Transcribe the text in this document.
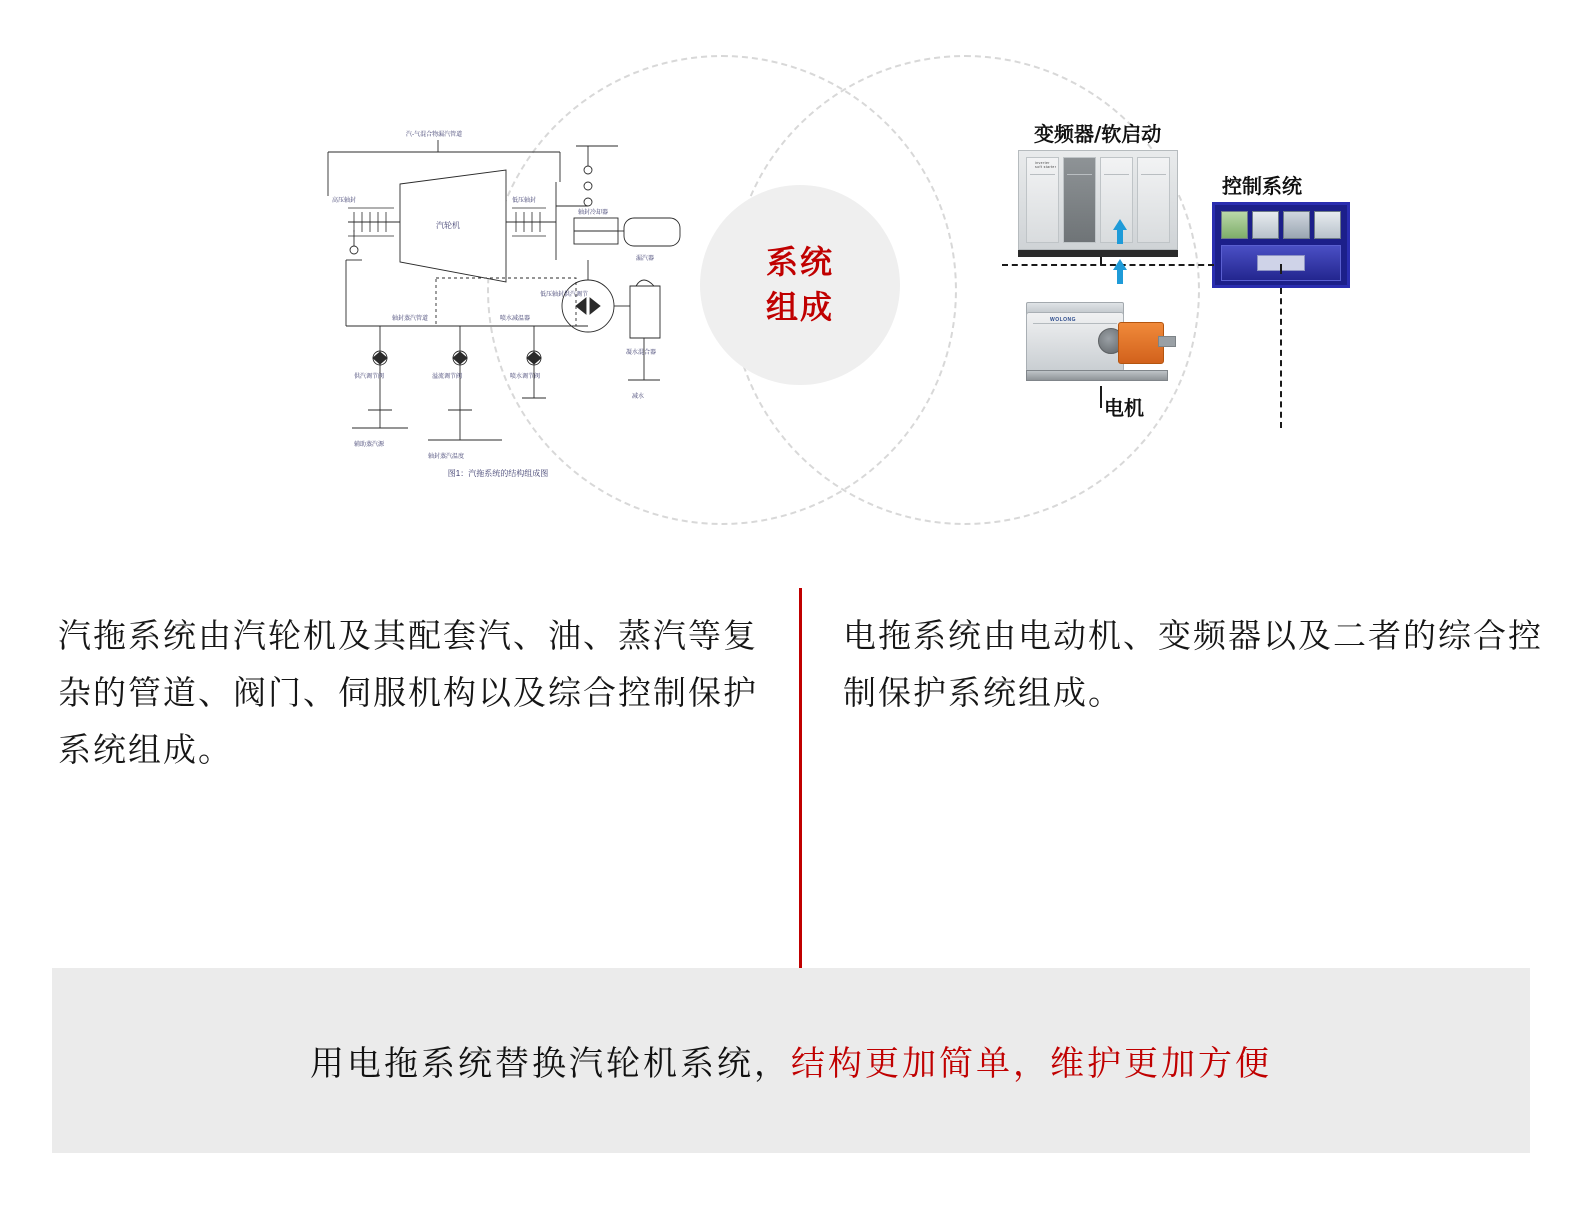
汽-气混合物漏汽管道
高压轴封	低压轴封
汽轮机
轴封冷却器
漏汽器
轴封蒸汽管道	喷水减温器
低压轴封供汽调节
凝水混合器
供汽调节阀	溢流调节阀	喷水调节阀
辅助蒸汽源
轴封蒸汽温度
减水
图1：汽拖系统的结构组成图
变频器/软启动
控制系统
电机
inverter soft starter
WOLONG
系统
组成
汽拖系统由汽轮机及其配套汽、油、蒸汽等复杂的管道、阀门、伺服机构以及综合控制保护系统组成。
电拖系统由电动机、变频器以及二者的综合控制保护系统组成。
用电拖系统替换汽轮机系统，结构更加简单，维护更加方便
